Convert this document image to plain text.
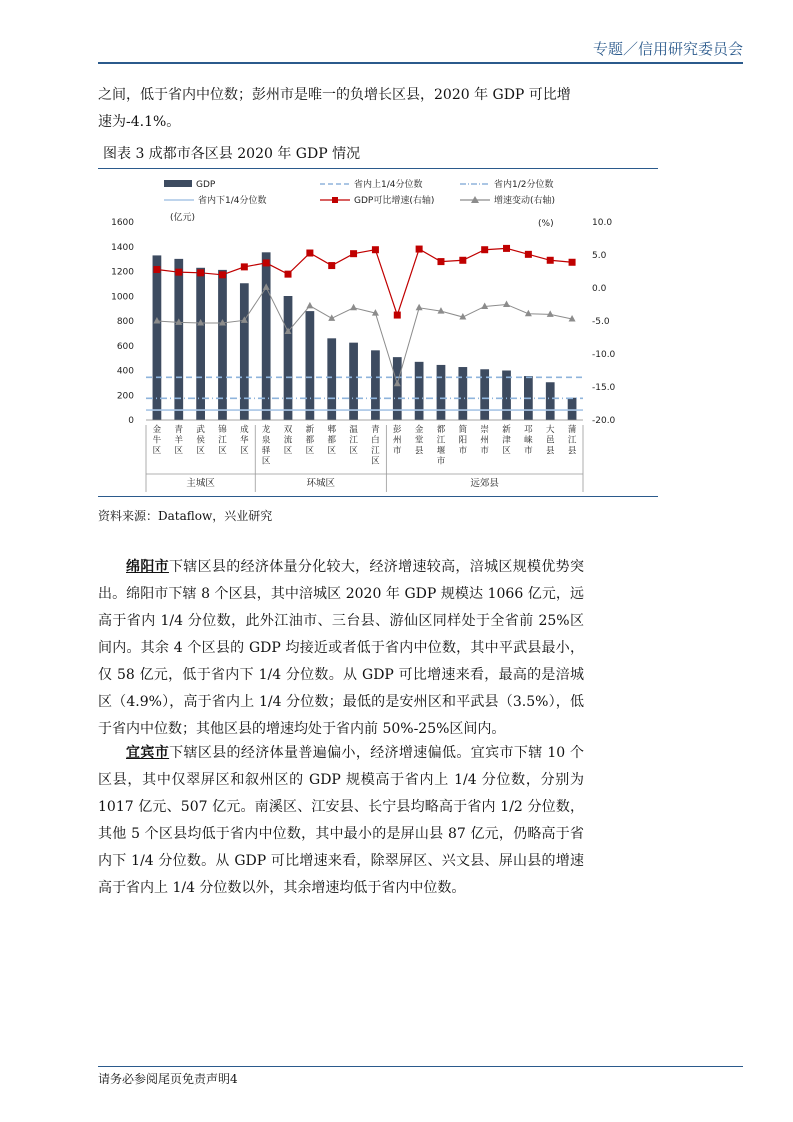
专题／信用研究委员会

之间，低于省内中位数；彭州市是唯一的负增长区县，2020 年 GDP 可比增速为-4.1%。

图表 3 成都市各区县 2020 年 GDP 情况
GDP	省内上1/4分位数	省内1/2分位数
省内下1/4分位数	GDP可比增速(右轴)	增速变动(右轴)
(亿元)
(%)
1600
1400
1200
1000
800
600
400
200
0
10.0
5.0
0.0
-5.0
-10.0
-15.0
-20.0
金
牛
区
青
羊
区
武
侯
区
锦
江
区
成
华
区
龙
泉
驿
区
双
流
区
新
都
区
郫
都
区
温
江
区
青
白
江
区
彭
州
市
金
堂
县
都
江
堰
市
简
阳
市
崇
州
市
新
津
区
邛
崃
市
大
邑
县
蒲
江
县
主城区	环城区	远郊县
资料来源：Dataflow，兴业研究

绵阳市下辖区县的经济体量分化较大，经济增速较高，涪城区规模优势突出。绵阳市下辖 8 个区县，其中涪城区 2020 年 GDP 规模达 1066 亿元，远高于省内 1/4 分位数，此外江油市、三台县、游仙区同样处于全省前 25%区间内。其余 4 个区县的 GDP 均接近或者低于省内中位数，其中平武县最小，仅 58 亿元，低于省内下 1/4 分位数。从 GDP 可比增速来看，最高的是涪城区（4.9%），高于省内上 1/4 分位数；最低的是安州区和平武县（3.5%），低于省内中位数；其他区县的增速均处于省内前 50%-25%区间内。

宜宾市下辖区县的经济体量普遍偏小，经济增速偏低。宜宾市下辖 10 个区县，其中仅翠屏区和叙州区的 GDP 规模高于省内上 1/4 分位数，分别为 1017 亿元、507 亿元。南溪区、江安县、长宁县均略高于省内 1/2 分位数，其他 5 个区县均低于省内中位数，其中最小的是屏山县 87 亿元，仍略高于省内下 1/4 分位数。从 GDP 可比增速来看，除翠屏区、兴文县、屏山县的增速高于省内上 1/4 分位数以外，其余增速均低于省内中位数。

请务必参阅尾页免责声明4
